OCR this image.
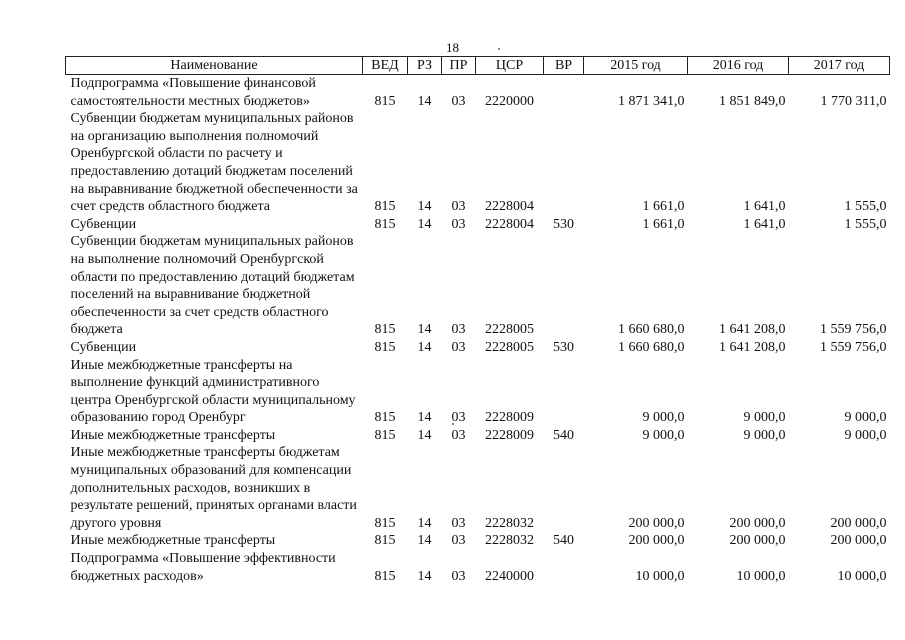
18
Наименование	ВЕД	РЗ	ПР	ЦСР	ВР	2015 год	2016 год	2017 год
Подпрограмма «Повышение финансовой самостоятельности местных бюджетов»	815	14	03	2220000		1 871 341,0	1 851 849,0	1 770 311,0
Субвенции бюджетам муниципальных районов на организацию выполнения полномочий Оренбургской области по расчету и предоставлению дотаций бюджетам поселений на выравнивание бюджетной обеспеченности за счет средств областного бюджета	815	14	03	2228004		1 661,0	1 641,0	1 555,0
Субвенции	815	14	03	2228004	530	1 661,0	1 641,0	1 555,0
Субвенции бюджетам муниципальных районов на выполнение полномочий Оренбургской области по предоставлению дотаций бюджетам поселений на выравнивание бюджетной обеспеченности за счет средств областного бюджета	815	14	03	2228005		1 660 680,0	1 641 208,0	1 559 756,0
Субвенции	815	14	03	2228005	530	1 660 680,0	1 641 208,0	1 559 756,0
Иные межбюджетные трансферты на выполнение функций административного центра Оренбургской области муниципальному образованию город Оренбург	815	14	03	2228009		9 000,0	9 000,0	9 000,0
Иные межбюджетные трансферты	815	14	03	2228009	540	9 000,0	9 000,0	9 000,0
Иные межбюджетные трансферты бюджетам муниципальных образований для компенсации дополнительных расходов, возникших в результате решений, принятых органами власти другого уровня	815	14	03	2228032		200 000,0	200 000,0	200 000,0
Иные межбюджетные трансферты	815	14	03	2228032	540	200 000,0	200 000,0	200 000,0
Подпрограмма «Повышение эффективности бюджетных расходов»	815	14	03	2240000		10 000,0	10 000,0	10 000,0
